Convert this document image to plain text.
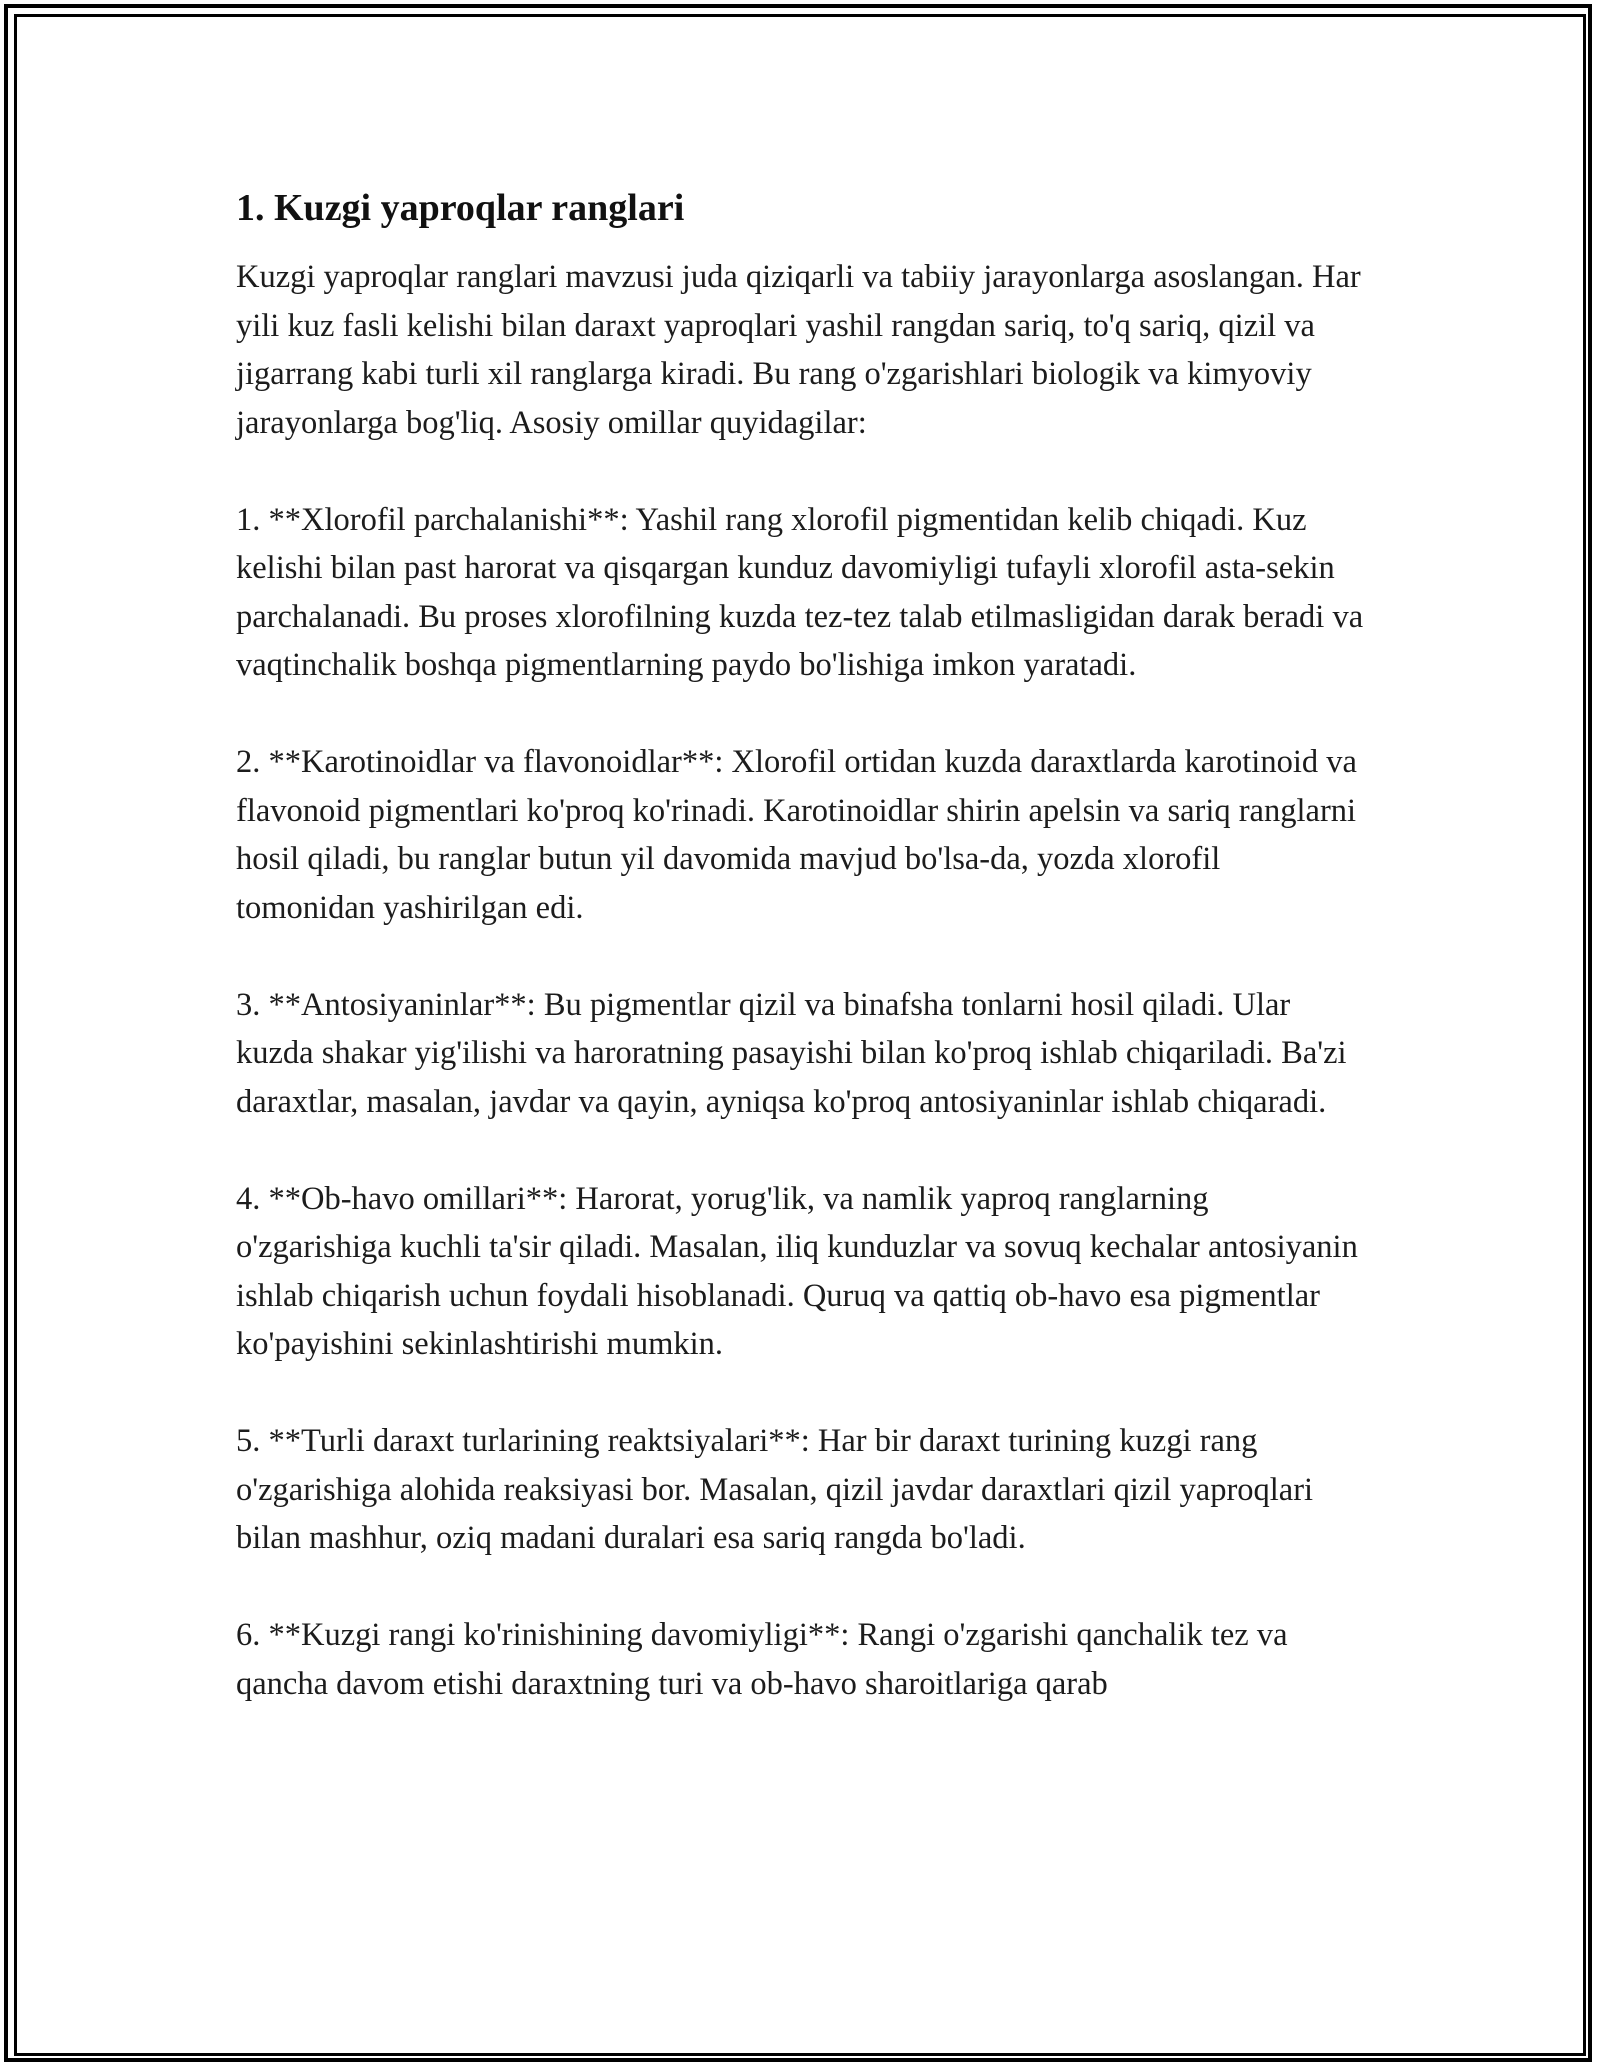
1. Kuzgi yaproqlar ranglari

Kuzgi yaproqlar ranglari mavzusi juda qiziqarli va tabiiy jarayonlarga asoslangan. Har yili kuz fasli kelishi bilan daraxt yaproqlari yashil rangdan sariq, to'q sariq, qizil va jigarrang kabi turli xil ranglarga kiradi. Bu rang o'zgarishlari biologik va kimyoviy jarayonlarga bog'liq. Asosiy omillar quyidagilar:

1. **Xlorofil parchalanishi**: Yashil rang xlorofil pigmentidan kelib chiqadi. Kuz kelishi bilan past harorat va qisqargan kunduz davomiyligi tufayli xlorofil asta-sekin parchalanadi. Bu proses xlorofilning kuzda tez-tez talab etilmasligidan darak beradi va vaqtinchalik boshqa pigmentlarning paydo bo'lishiga imkon yaratadi.

2. **Karotinoidlar va flavonoidlar**: Xlorofil ortidan kuzda daraxtlarda karotinoid va flavonoid pigmentlari ko'proq ko'rinadi. Karotinoidlar shirin apelsin va sariq ranglarni hosil qiladi, bu ranglar butun yil davomida mavjud bo'lsa-da, yozda xlorofil tomonidan yashirilgan edi.

3. **Antosiyaninlar**: Bu pigmentlar qizil va binafsha tonlarni hosil qiladi. Ular kuzda shakar yig'ilishi va haroratning pasayishi bilan ko'proq ishlab chiqariladi. Ba'zi daraxtlar, masalan, javdar va qayin, ayniqsa ko'proq antosiyaninlar ishlab chiqaradi.

4. **Ob-havo omillari**: Harorat, yorug'lik, va namlik yaproq ranglarning o'zgarishiga kuchli ta'sir qiladi. Masalan, iliq kunduzlar va sovuq kechalar antosiyanin ishlab chiqarish uchun foydali hisoblanadi. Quruq va qattiq ob-havo esa pigmentlar ko'payishini sekinlashtirishi mumkin.

5. **Turli daraxt turlarining reaktsiyalari**: Har bir daraxt turining kuzgi rang o'zgarishiga alohida reaksiyasi bor. Masalan, qizil javdar daraxtlari qizil yaproqlari bilan mashhur, oziq madani duralari esa sariq rangda bo'ladi.

6. **Kuzgi rangi ko'rinishining davomiyligi**: Rangi o'zgarishi qanchalik tez va qancha davom etishi daraxtning turi va ob-havo sharoitlariga qarab
